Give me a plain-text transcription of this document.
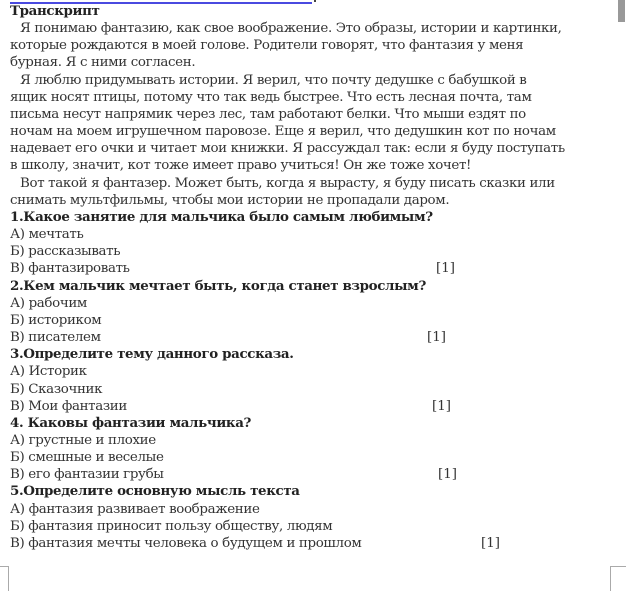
Транскрипт
Я понимаю фантазию, как свое воображение. Это образы, истории и картинки,
которые рождаются в моей голове. Родители говорят, что фантазия у меня
бурная. Я с ними согласен.
Я люблю придумывать истории. Я верил, что почту дедушке с бабушкой в
ящик носят птицы, потому что так ведь быстрее. Что есть лесная почта, там
письма несут напрямик через лес, там работают белки. Что мыши ездят по
ночам на моем игрушечном паровозе. Еще я верил, что дедушкин кот по ночам
надевает его очки и читает мои книжки. Я рассуждал так: если я буду поступать
в школу, значит, кот тоже имеет право учиться! Он же тоже хочет!
Вот такой я фантазер. Может быть, когда я вырасту, я буду писать сказки или
снимать мультфильмы, чтобы мои истории не пропадали даром.
1.Какое занятие для мальчика было самым любимым?
А) мечтать
Б) рассказывать
В) фантазировать	[1]
2.Кем мальчик мечтает быть, когда станет взрослым?
А) рабочим
Б) историком
В) писателем	[1]
3.Определите тему данного рассказа.
А) Историк
Б) Сказочник
В) Мои фантазии	[1]
4. Каковы фантазии мальчика?
А) грустные и плохие
Б) смешные и веселые
В) его фантазии грубы	[1]
5.Определите основную мысль текста
А) фантазия развивает воображение
Б) фантазия приносит пользу обществу, людям
В) фантазия мечты человека о будущем и прошлом	[1]
